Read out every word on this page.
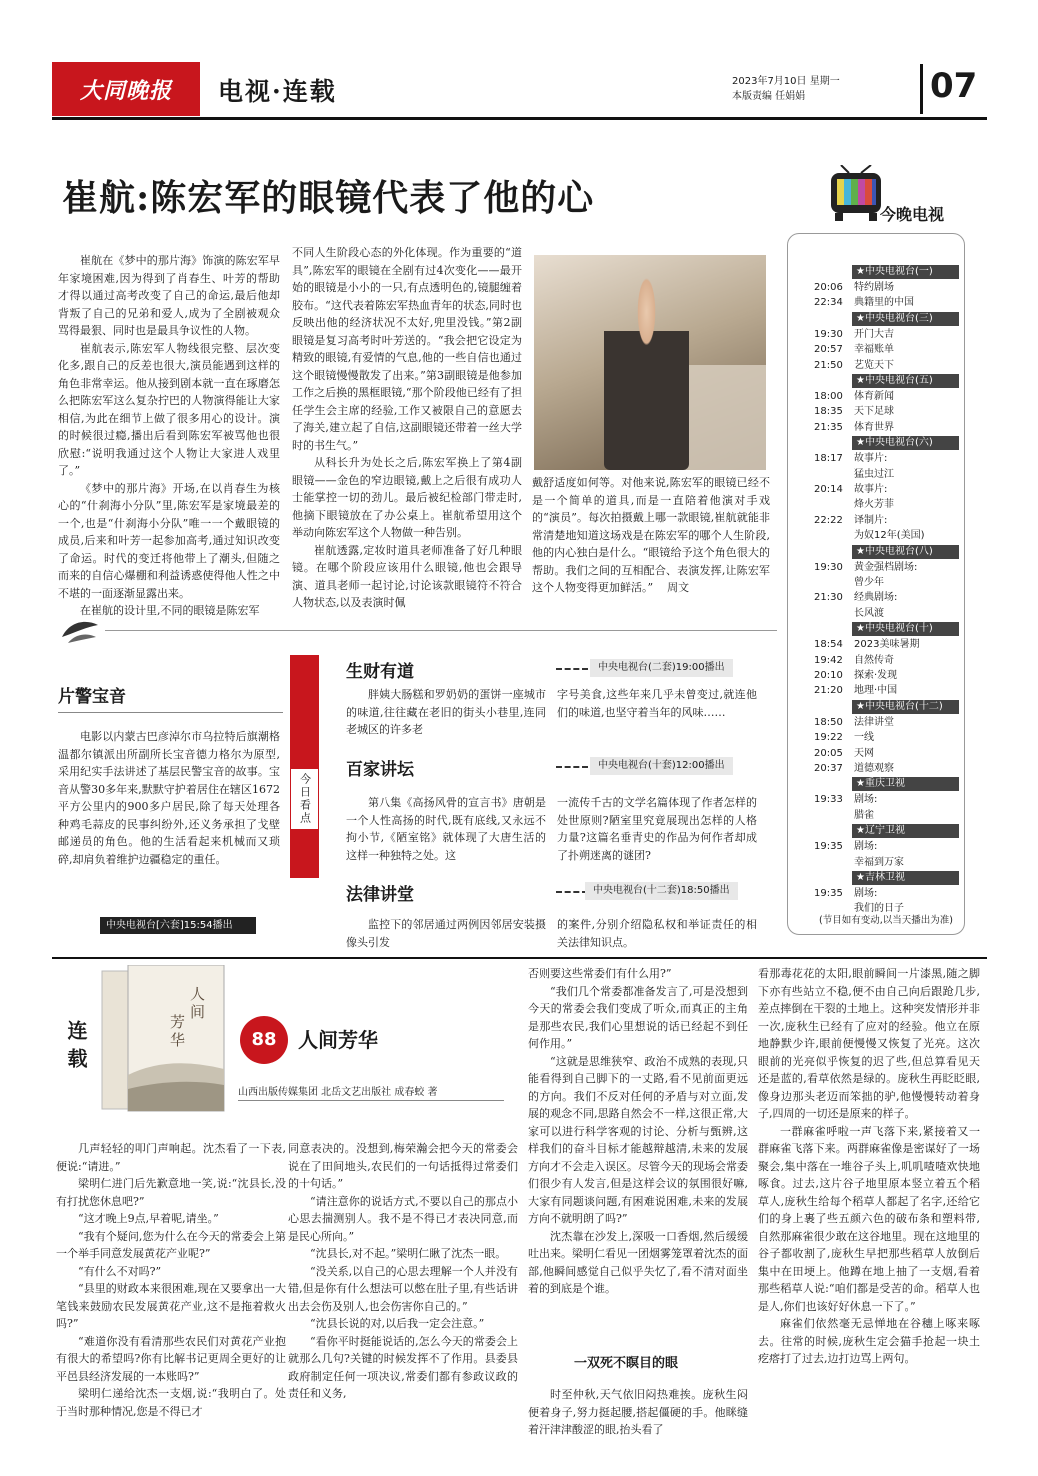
大同晚报	电视·连载	2023年7月10日 星期一
本版责编 任娟娟	07
崔航:陈宏军的眼镜代表了他的心

崔航在《梦中的那片海》饰演的陈宏军早年家境困难,因为得到了肖春生、叶芳的帮助才得以通过高考改变了自己的命运,最后他却背叛了自己的兄弟和爱人,成为了全剧被观众骂得最狠、同时也是最具争议性的人物。

崔航表示,陈宏军人物线很完整、层次变化多,跟自己的反差也很大,演员能遇到这样的角色非常幸运。他从接到剧本就一直在琢磨怎么把陈宏军这么复杂拧巴的人物演得能让大家相信,为此在细节上做了很多用心的设计。演的时候很过瘾,播出后看到陈宏军被骂他也很欣慰:“说明我通过这个人物让大家进人戏里了。”

《梦中的那片海》开场,在以肖春生为核心的“什刹海小分队”里,陈宏军是家境最差的一个,也是“什刹海小分队”唯一一个戴眼镜的成员,后来和叶芳一起参加高考,通过知识改变了命运。时代的变迁将他带上了潮头,但随之而来的自信心爆棚和利益诱惑使得他人性之中不堪的一面逐渐显露出来。

在崔航的设计里,不同的眼镜是陈宏军

不同人生阶段心态的外化体现。作为重要的“道具”,陈宏军的眼镜在全剧有过4次变化——最开始的眼镜是小小的一只,有点透明色的,镜腿缠着胶布。“这代表着陈宏军热血青年的状态,同时也反映出他的经济状况不太好,兜里没钱。”第2副眼镜是复习高考时叶芳送的。“我会把它设定为精致的眼镜,有爱情的气息,他的一些自信也通过这个眼镜慢慢散发了出来。”第3副眼镜是他参加工作之后换的黑框眼镜,“那个阶段他已经有了担任学生会主席的经验,工作又被限自己的意愿去了海关,建立起了自信,这副眼镜还带着一丝大学时的书生气。”

从科长升为处长之后,陈宏军换上了第4副眼镜——金色的窄边眼镜,戴上之后很有成功人士能掌控一切的劲儿。最后被纪检部门带走时,他摘下眼镜放在了办公桌上。崔航希望用这个举动向陈宏军这个人物做一种告别。

崔航透露,定妆时道具老师准备了好几种眼镜。在哪个阶段应该用什么眼镜,他也会跟导演、道具老师一起讨论,讨论该款眼镜符不符合人物状态,以及表演时佩

戴舒适度如何等。对他来说,陈宏军的眼镜已经不是一个简单的道具,而是一直陪着他演对手戏的“演员”。每次拍摄戴上哪一款眼镜,崔航就能非常清楚地知道这场戏是在陈宏军的哪个人生阶段,他的内心独白是什么。“眼镜给予这个角色很大的帮助。我们之间的互相配合、表演发挥,让陈宏军这个人物变得更加鲜活。” 周文

今晚电视
★中央电视台(一)
20:06 特约剧场
22:34 典籍里的中国
★中央电视台(三)
19:30 开门大吉
20:57 幸福账单
21:50 艺览天下
★中央电视台(五)
18:00 体育新闻
18:35 天下足球
21:35 体育世界
★中央电视台(六)
18:17 故事片:
猛虫过江
20:14 故事片:
烽火芳菲
22:22 译制片:
为奴12年(美国)
★中央电视台(八)
19:30 黄金强档剧场:
曾少年
21:30 经典剧场:
长风渡
★中央电视台(十)
18:54 2023美味暑期
19:42 自然传奇
20:10 探索·发现
21:20 地理·中国
★中央电视台(十二)
18:50 法律讲堂
19:22 一线
20:05 天网
20:37 道德观察
★重庆卫视
19:33 剧场:
腊雀
★辽宁卫视
19:35 剧场:
幸福到万家
★吉林卫视
19:35 剧场:
我们的日子
(节目如有变动,以当天播出为准)
片警宝音

电影以内蒙古巴彦淖尔市乌拉特后旗潮格温都尔镇派出所副所长宝音德力格尔为原型,采用纪实手法讲述了基层民警宝音的故事。宝音从警30多年来,默默守护着居住在辖区1672平方公里内的900多户居民,除了每天处理各种鸡毛蒜皮的民事纠纷外,还义务承担了戈壁邮递员的角色。他的生活看起来机械而又琐碎,却肩负着维护边疆稳定的重任。

中央电视台[六套]15:54播出
今日看点
生财有道	中央电视台(二套)19:00播出

胖姨大肠糕和罗奶奶的蛋饼一座城市的味道,往往藏在老旧的街头小巷里,连同老城区的许多老

字号美食,这些年来几乎未曾变过,就连他们的味道,也坚守着当年的风味……

百家讲坛	中央电视台(十套)12:00播出

第八集《高扬风骨的宣言书》唐朝是一个人性高扬的时代,既有底线,又永远不拘小节,《陋室铭》就体现了大唐生活的这样一种独特之处。这

一流传千古的文学名篇体现了作者怎样的处世原则?陋室里究竟展现出怎样的人格力量?这篇名垂青史的作品为何作者却成了扑朔迷离的谜团?

法律讲堂	中央电视台(十二套)18:50播出

监控下的邻居通过两例因邻居安装摄像头引发

的案件,分别介绍隐私权和举证责任的相关法律知识点。

连载
人
间
芳
华	88	人间芳华
山西出版传媒集团 北岳文艺出版社 成春蛟 著

几声轻轻的叩门声响起。沈杰看了一下表,便说:“请进。”

梁明仁进门后先歉意地一笑,说:“沈县长,没有打扰您休息吧?”

“这才晚上9点,早着呢,请坐。”

“我有个疑问,您为什么在今天的常委会上第一个举手同意发展黄花产业呢?”

“有什么不对吗?”

“县里的财政本来很困难,现在又要拿出一大笔钱来鼓励农民发展黄花产业,这不是拖着救火吗?”

“难道你没有看清那些农民们对黄花产业抱有很大的希望吗?你有比解书记更周全更好的让平邑县经济发展的一本账吗?”

梁明仁递给沈杰一支烟,说:“我明白了。处于当时那种情况,您是不得已才

同意表决的。没想到,梅荣瀚会把今天的常委会说在了田间地头,农民们的一句话抵得过常委们的十句话。”

“请注意你的说话方式,不要以自己的那点小心思去揣测别人。我不是不得已才表决同意,而是民心所向。”

“沈县长,对不起。”梁明仁瞅了沈杰一眼。

“没关系,以自己的心思去理解一个人并没有错,但是你有什么想法可以憋在肚子里,有些话讲出去会伤及别人,也会伤害你自己的。”

“沈县长说的对,以后我一定会注意。”

“看你平时挺能说话的,怎么今天的常委会上就那么几句?关键的时候发挥不了作用。县委县政府制定任何一项决议,常委们都有参政议政的责任和义务,

否则要这些常委们有什么用?”

“我们几个常委都准备发言了,可是没想到今天的常委会我们变成了听众,而真正的主角是那些农民,我们心里想说的话已经起不到任何作用。”

“这就是思维狭窄、政治不成熟的表现,只能看得到自己脚下的一丈路,看不见前面更远的方向。我们不反对任何的矛盾与对立面,发展的观念不同,思路自然会不一样,这很正常,大家可以进行科学客观的讨论、分析与甄辨,这样我们的奋斗目标才能越辩越清,未来的发展方向才不会走入误区。尽管今天的现场会常委们很少有人发言,但是这样会议的氛围很好嘛,大家有同题谈问题,有困难说困难,未来的发展方向不就明朗了吗?”

沈杰靠在沙发上,深吸一口香烟,然后缓缓吐出来。梁明仁看见一团烟雾笼罩着沈杰的面部,他瞬间感觉自己似乎失忆了,看不清对面坐着的到底是个谁。

一双死不瞑目的眼

时至仲秋,天气依旧闷热难挨。庞秋生闷便着身子,努力挺起腰,搭起僵硬的手。他眯缝着汗津津酸涩的眼,抬头看了

看那毒花花的太阳,眼前瞬间一片漆黑,随之脚下亦有些站立不稳,便不由自己向后跟跄几步,差点摔倒在干裂的土地上。这种突发情形并非一次,庞秋生已经有了应对的经验。他立在原地静默少许,眼前便慢慢又恢复了光亮。这次眼前的光亮似乎恢复的迟了些,但总算看见天还是蓝的,看草依然是绿的。庞秋生再眨眨眼,像身边那头老迈而笨拙的驴,他慢慢转动着身子,四周的一切还是原来的样子。

一群麻雀呼啦一声飞落下来,紧接着又一群麻雀飞落下来。两群麻雀像是密谋好了一场聚会,集中落在一堆谷子头上,叽叽喳喳欢快地啄食。过去,这片谷子地里原本竖立着五个稻草人,庞秋生给每个稻草人都起了名字,还给它们的身上裹了些五颜六色的破布条和塑料带,自然那麻雀很少敢在这谷地里。现在这地里的谷子都收割了,庞秋生早把那些稻草人放倒后集中在田埂上。他蹲在地上抽了一支烟,看着那些稻草人说:“咱们都是受苦的命。稻草人也是人,你们也该好好休息一下了。”

麻雀们依然毫无忌惮地在谷穗上啄来啄去。往常的时候,庞秋生定会猫手抢起一块土疙瘩打了过去,边打边骂上两句。
